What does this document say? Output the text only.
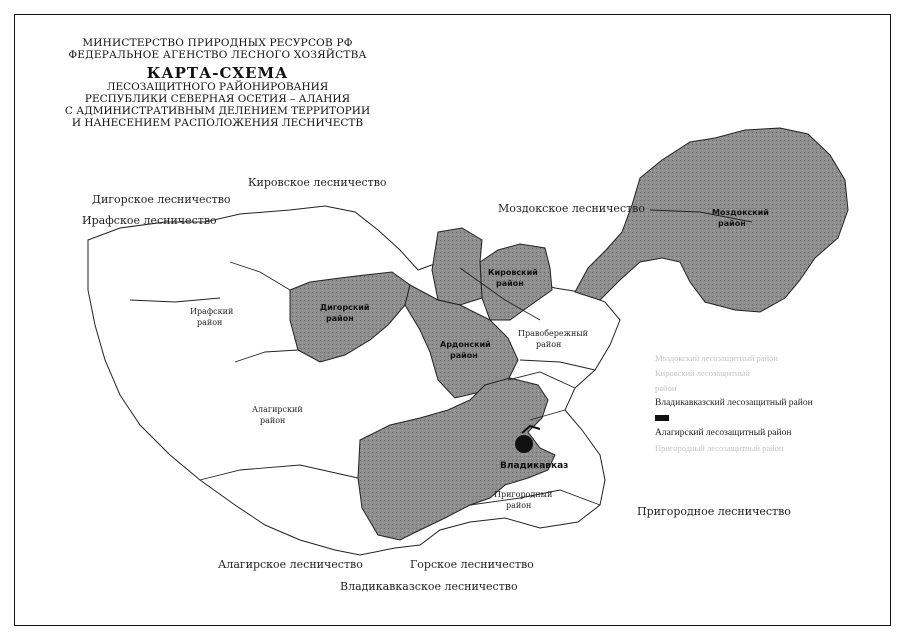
МИНИСТЕРСТВО ПРИРОДНЫХ РЕСУРСОВ РФ
ФЕДЕРАЛЬНОЕ АГЕНСТВО ЛЕСНОГО ХОЗЯЙСТВА
КАРТА-СХЕМА
ЛЕСОЗАЩИТНОГО РАЙОНИРОВАНИЯ
РЕСПУБЛИКИ СЕВЕРНАЯ ОСЕТИЯ – АЛАНИЯ
С АДМИНИСТРАТИВНЫМ ДЕЛЕНИЕМ ТЕРРИТОРИИ
И НАНЕСЕНИЕМ РАСПОЛОЖЕНИЯ ЛЕСНИЧЕСТВ
Дигорское лесничество
Кировское лесничество
Ирафское лесничество
Моздокское лесничество
Пригородное лесничество
Алагирское лесничество	Горское лесничество
Владикавказское лесничество
Моздокский
район
Кировский
район
Дигорский
район
Ирафский
район
Ардонский
район
Правобережный
район
Алагирский
район
Пригородный
район
Владикавказ
Моздокский лесозащитный район
Кировский лесозащитный
район
Владикавказский лесозащитный район
Алагирский лесозащитный район
Пригородный лесозащитный район
